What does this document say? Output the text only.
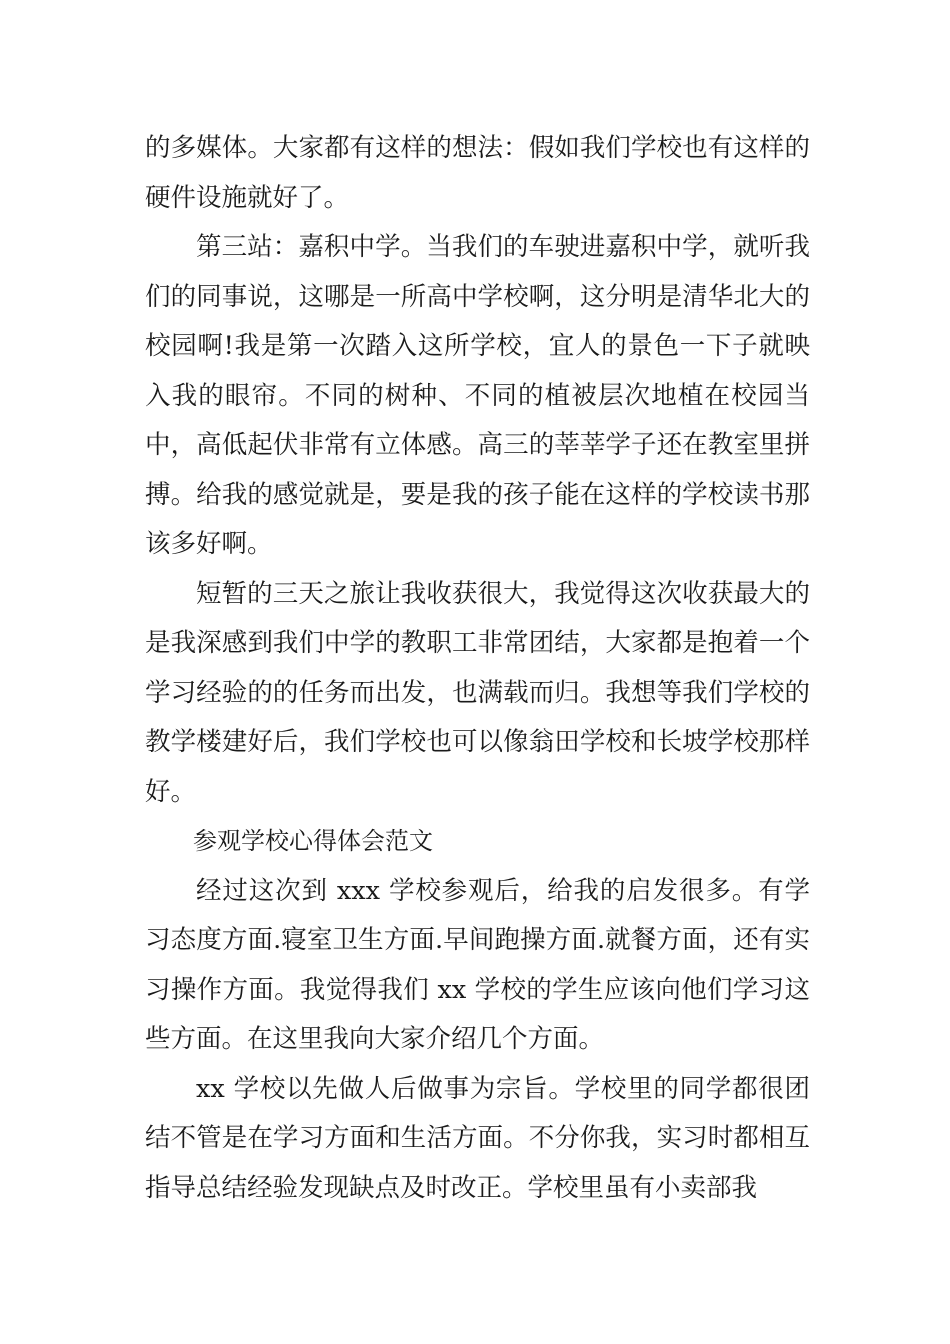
的多媒体。大家都有这样的想法：假如我们学校也有这样的硬件设施就好了。

第三站：嘉积中学。当我们的车驶进嘉积中学，就听我们的同事说，这哪是一所高中学校啊，这分明是清华北大的校园啊!我是第一次踏入这所学校，宜人的景色一下子就映入我的眼帘。不同的树种、不同的植被层次地植在校园当中，高低起伏非常有立体感。高三的莘莘学子还在教室里拼搏。给我的感觉就是，要是我的孩子能在这样的学校读书那该多好啊。

短暂的三天之旅让我收获很大，我觉得这次收获最大的是我深感到我们中学的教职工非常团结，大家都是抱着一个学习经验的的任务而出发，也满载而归。我想等我们学校的教学楼建好后，我们学校也可以像翁田学校和长坡学校那样好。

参观学校心得体会范文

经过这次到 xxx 学校参观后，给我的启发很多。有学习态度方面.寝室卫生方面.早间跑操方面.就餐方面，还有实习操作方面。我觉得我们 xx 学校的学生应该向他们学习这些方面。在这里我向大家介绍几个方面。

xx 学校以先做人后做事为宗旨。学校里的同学都很团结不管是在学习方面和生活方面。不分你我，实习时都相互指导总结经验发现缺点及时改正。学校里虽有小卖部我
